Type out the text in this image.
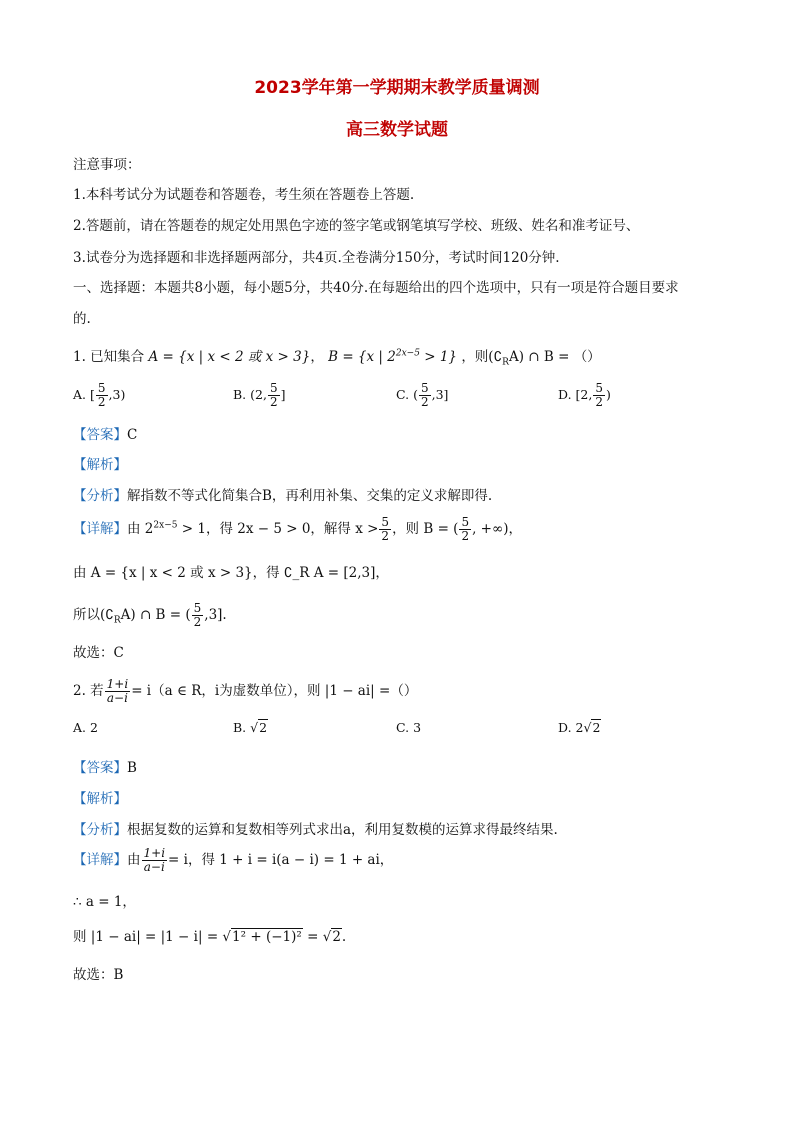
2023学年第一学期期末教学质量调测
高三数学试题
注意事项：
1.本科考试分为试题卷和答题卷，考生须在答题卷上答题.
2.答题前，请在答题卷的规定处用黑色字迹的签字笔或钢笔填写学校、班级、姓名和准考证号、
3.试卷分为选择题和非选择题两部分，共4页.全卷满分150分，考试时间120分钟.
一、选择题：本题共8小题，每小题5分，共40分.在每题给出的四个选项中，只有一项是符合题目要求
的.
1. 已知集合 A = {x | x < 2 或 x > 3}， B = {x | $2^{2x-5} > 1$} ，则$(∁_RA)$ ∩ B = （）
A. [ $\frac{5}{2} ,3$)	B. (2, $\frac{5}{2}$ ]	C. ( $\frac{5}{2} ,3$]	D. [2, $\frac{5}{2}$ )
【答案】C
【解析】
【分析】解指数不等式化简集合B，再利用补集、交集的定义求解即得.
【详解】由 $2^{2x-5} > 1$，得 2x − 5 > 0，解得 $x > \frac{5}{2}$ ，则 B = ( $\frac{5}{2}$ , +∞)，
由 A = {x | x < 2 或 x > 3}，得 ∁_R A = [2,3]，
所以$(∁_RA)$ ∩ B = ( $\frac{5}{2} ,3$].
故选：C
2. 若 $\frac{1+i}{a-i} = i(a$ ∈ R，i为虚数单位），则 |1 − ai| =（）
A. 2	B. √2	C. 3	D. 2√2
【答案】B
【解析】
【分析】根据复数的运算和复数相等列式求出a，利用复数模的运算求得最终结果.
【详解】由 $\frac{1+i}{a-i} = i$，得 1 + i = i(a − i) = 1 + ai，
∴ a = 1，
则 |1 − ai| = |1 − i| = √1² + (−1)² = √2.
故选：B
